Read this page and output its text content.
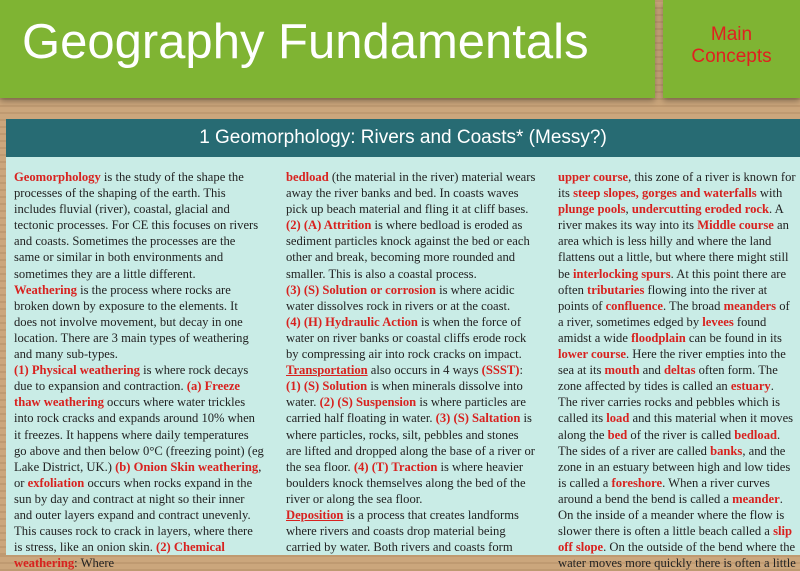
Geography Fundamentals	Main
Concepts
1 Geomorphology: Rivers and Coasts* (Messy?)

Geomorphology is the study of the shape the processes of the shaping of the earth. This includes fluvial (river), coastal, glacial and tectonic processes. For CE this focuses on rivers and coasts. Sometimes the processes are the same or similar in both environments and sometimes they are a little different.

Weathering is the process where rocks are broken down by exposure to the elements. It does not involve movement, but decay in one location. There are 3 main types of weathering and many sub-types.

(1) Physical weathering is where rock decays due to expansion and contraction. (a) Freeze thaw weathering occurs where water trickles into rock cracks and expands around 10% when it freezes. It happens where daily temperatures go above and then below 0°C (freezing point) (eg Lake District, UK.) (b) Onion Skin weathering, or exfoliation occurs when rocks expand in the sun by day and contract at night so their inner and outer layers expand and contract unevenly. This causes rock to crack in layers, where there is stress, like an onion skin. (2) Chemical weathering: Where

bedload (the material in the river) material wears away the river banks and bed. In coasts waves pick up beach material and fling it at cliff bases. (2) (A) Attrition is where bedload is eroded as sediment particles knock against the bed or each other and break, becoming more rounded and smaller. This is also a coastal process.

(3) (S) Solution or corrosion is where acidic water dissolves rock in rivers or at the coast.

(4) (H) Hydraulic Action is when the force of water on river banks or coastal cliffs erode rock by compressing air into rock cracks on impact.

Transportation also occurs in 4 ways (SSST):

(1) (S) Solution is when minerals dissolve into water. (2) (S) Suspension is where particles are carried half floating in water. (3) (S) Saltation is where particles, rocks, silt, pebbles and stones are lifted and dropped along the base of a river or the sea floor. (4) (T) Traction is where heavier boulders knock themselves along the bed of the river or along the sea floor.

Deposition is a process that creates landforms where rivers and coasts drop material being carried by water. Both rivers and coasts form

upper course, this zone of a river is known for its steep slopes, gorges and waterfalls with plunge pools, undercutting eroded rock. A river makes its way into its Middle course an area which is less hilly and where the land flattens out a little, but where there might still be interlocking spurs. At this point there are often tributaries flowing into the river at points of confluence. The broad meanders of a river, sometimes edged by levees found amidst a wide floodplain can be found in its lower course. Here the river empties into the sea at its mouth and deltas often form. The zone affected by tides is called an estuary. The river carries rocks and pebbles which is called its load and this material when it moves along the bed of the river is called bedload.

The sides of a river are called banks, and the zone in an estuary between high and low tides is called a foreshore. When a river curves around a bend the bend is called a meander. On the inside of a meander where the flow is slower there is often a little beach called a slip off slope. On the outside of the bend where the water moves more quickly there is often a little
